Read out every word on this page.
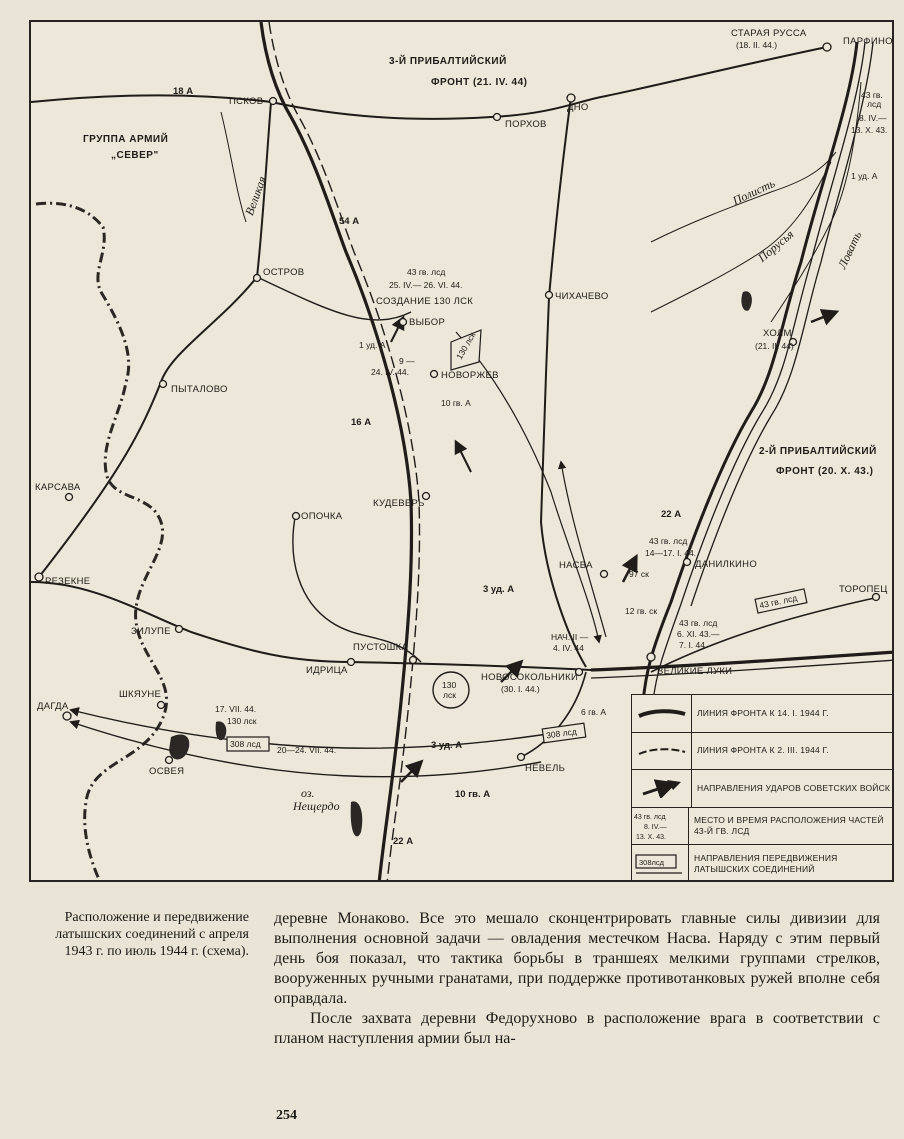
130 лск
308 лсд
308 лсд
43 гв. лсд
130
лск
ПСКОВ
ОСТРОВ
ПЫТАЛОВО
КАРСАВА
РЕЗЕКНЕ
ЗИЛУПЕ
ОПОЧКА
ИДРИЦА
ПУСТОШКА
КУДЕВЕРЬ
ВЫБОР
НОВОРЖЕВ
ПОРХОВ
ДНО
ЧИХАЧЕВО
СТАРАЯ РУССА
(18. II. 44.)	ПАРФИНО
ХОЛМ
(21. II. 44)
НАСВА	ДАНИЛКИНО
ТОРОПЕЦ
ВЕЛИКИЕ ЛУКИ
НОВОСОКОЛЬНИКИ
(30. I. 44.)
НАЧ. II —
4. IV. 44
НЕВЕЛЬ
ОСВЕЯ
ШКЯУНЕ
ДАГДА
18 А
54 А
16 А
1 уд. А
1 уд. А
10 гв. А
22 А
3 уд. А
6 гв. А
3 уд. А
10 гв. А
22 А
97 ск
12 гв. ск
ГРУППА АРМИЙ
„СЕВЕР"
3-Й ПРИБАЛТИЙСКИЙ
ФРОНТ (21. IV. 44)
2-Й ПРИБАЛТИЙСКИЙ
ФРОНТ (20. X. 43.)
Великая	Полисть
Порусья	Ловать
оз.
Нещердо
43 гв. лсд
25. IV.— 26. VI. 44.
СОЗДАНИЕ 130 ЛСК
9 —
24. IV. 44.
43 гв.
лсд
8. IV.—
13. X. 43.
43 гв. лсд
14—17. I. 44.
43 гв. лсд
6. XI. 43.—
7. I. 44.
17. VII. 44.
130 лск
20—24. VII. 44.
ЛИНИЯ ФРОНТА К 14. I. 1944 Г.
ЛИНИЯ ФРОНТА К 2. III. 1944 Г.
НАПРАВЛЕНИЯ УДАРОВ СОВЕТСКИХ ВОЙСК
43 гв. лсд
8. IV.—
13. X. 43.
МЕСТО И ВРЕМЯ РАСПОЛОЖЕНИЯ ЧАСТЕЙ 43-Й ГВ. ЛСД
308лсд	НАПРАВЛЕНИЯ ПЕРЕДВИЖЕНИЯ ЛАТЫШСКИХ СОЕДИНЕНИЙ
Расположение и передвижение латышских соединений с апреля 1943 г. по июль 1944 г. (схема).

деревне Монаково. Все это мешало сконцентрировать главные силы дивизии для выполнения основной задачи — овладения местечком Насва. Наряду с этим первый день боя показал, что тактика борьбы в траншеях мелкими группами стрелков, вооруженных ручными гранатами, при поддержке противотанковых ружей вполне себя оправдала.

После захвата деревни Федорухново в расположение врага в соответствии с планом наступления армии был на-

254
